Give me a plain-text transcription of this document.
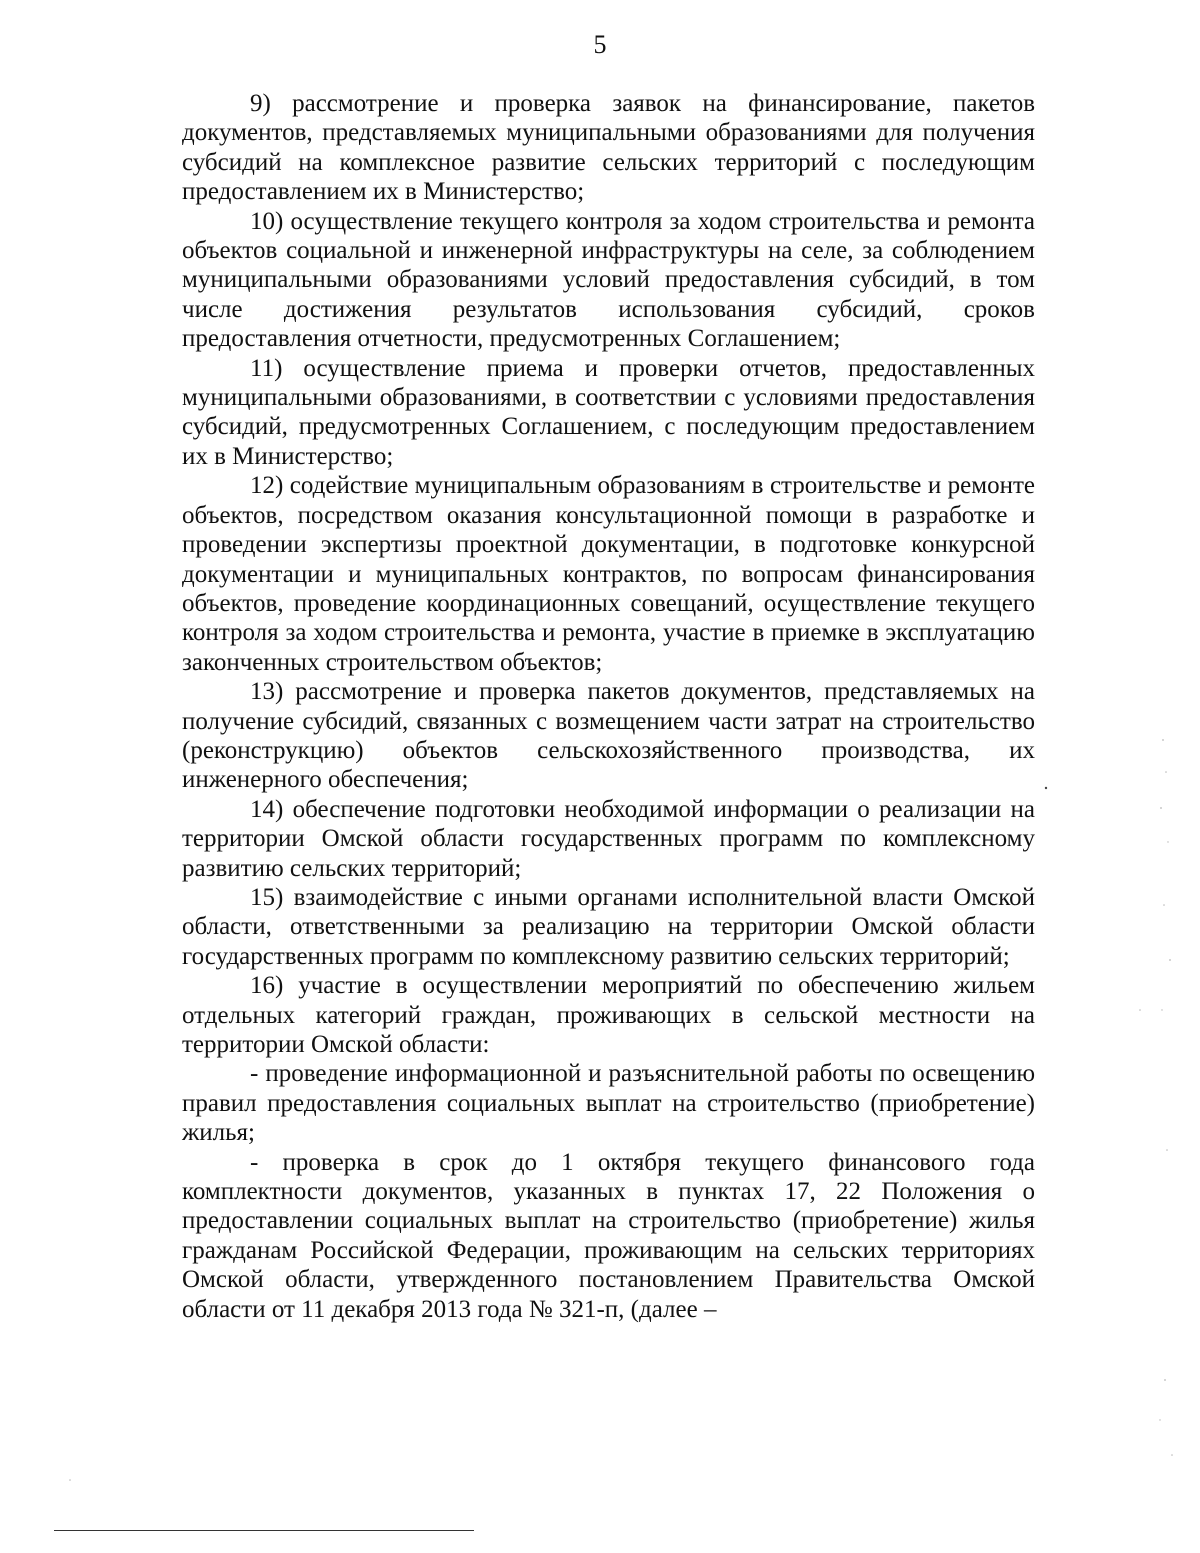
5

9) рассмотрение и проверка заявок на финансирование, пакетов документов, представляемых муниципальными образованиями для получения субсидий на комплексное развитие сельских территорий с последующим предоставлением их в Министерство;

10) осуществление текущего контроля за ходом строительства и ремонта объектов социальной и инженерной инфраструктуры на селе, за соблюдением муниципальными образованиями условий предоставления субсидий, в том числе достижения результатов использования субсидий, сроков предоставления отчетности, предусмотренных Соглашением;

11) осуществление приема и проверки отчетов, предоставленных муниципальными образованиями, в соответствии с условиями предоставления субсидий, предусмотренных Соглашением, с последующим предоставлением их в Министерство;

12) содействие муниципальным образованиям в строительстве и ремонте объектов, посредством оказания консультационной помощи в разработке и проведении экспертизы проектной документации, в подготовке конкурсной документации и муниципальных контрактов, по вопросам финансирования объектов, проведение координационных совещаний, осуществление текущего контроля за ходом строительства и ремонта, участие в приемке в эксплуатацию законченных строительством объектов;

13) рассмотрение и проверка пакетов документов, представляемых на получение субсидий, связанных с возмещением части затрат на строительство (реконструкцию) объектов сельскохозяйственного производства, их инженерного обеспечения;

14) обеспечение подготовки необходимой информации о реализации на территории Омской области государственных программ по комплексному развитию сельских территорий;

15) взаимодействие с иными органами исполнительной власти Омской области, ответственными за реализацию на территории Омской области государственных программ по комплексному развитию сельских территорий;

16) участие в осуществлении мероприятий по обеспечению жильем отдельных категорий граждан, проживающих в сельской местности на территории Омской области:

- проведение информационной и разъяснительной работы по освещению правил предоставления социальных выплат на строительство (приобретение) жилья;

- проверка в срок до 1 октября текущего финансового года комплектности документов, указанных в пунктах 17, 22 Положения о предоставлении социальных выплат на строительство (приобретение) жилья гражданам Российской Федерации, проживающим на сельских территориях Омской области, утвержденного постановлением Правительства Омской области от 11 декабря 2013 года № 321-п, (далее –
